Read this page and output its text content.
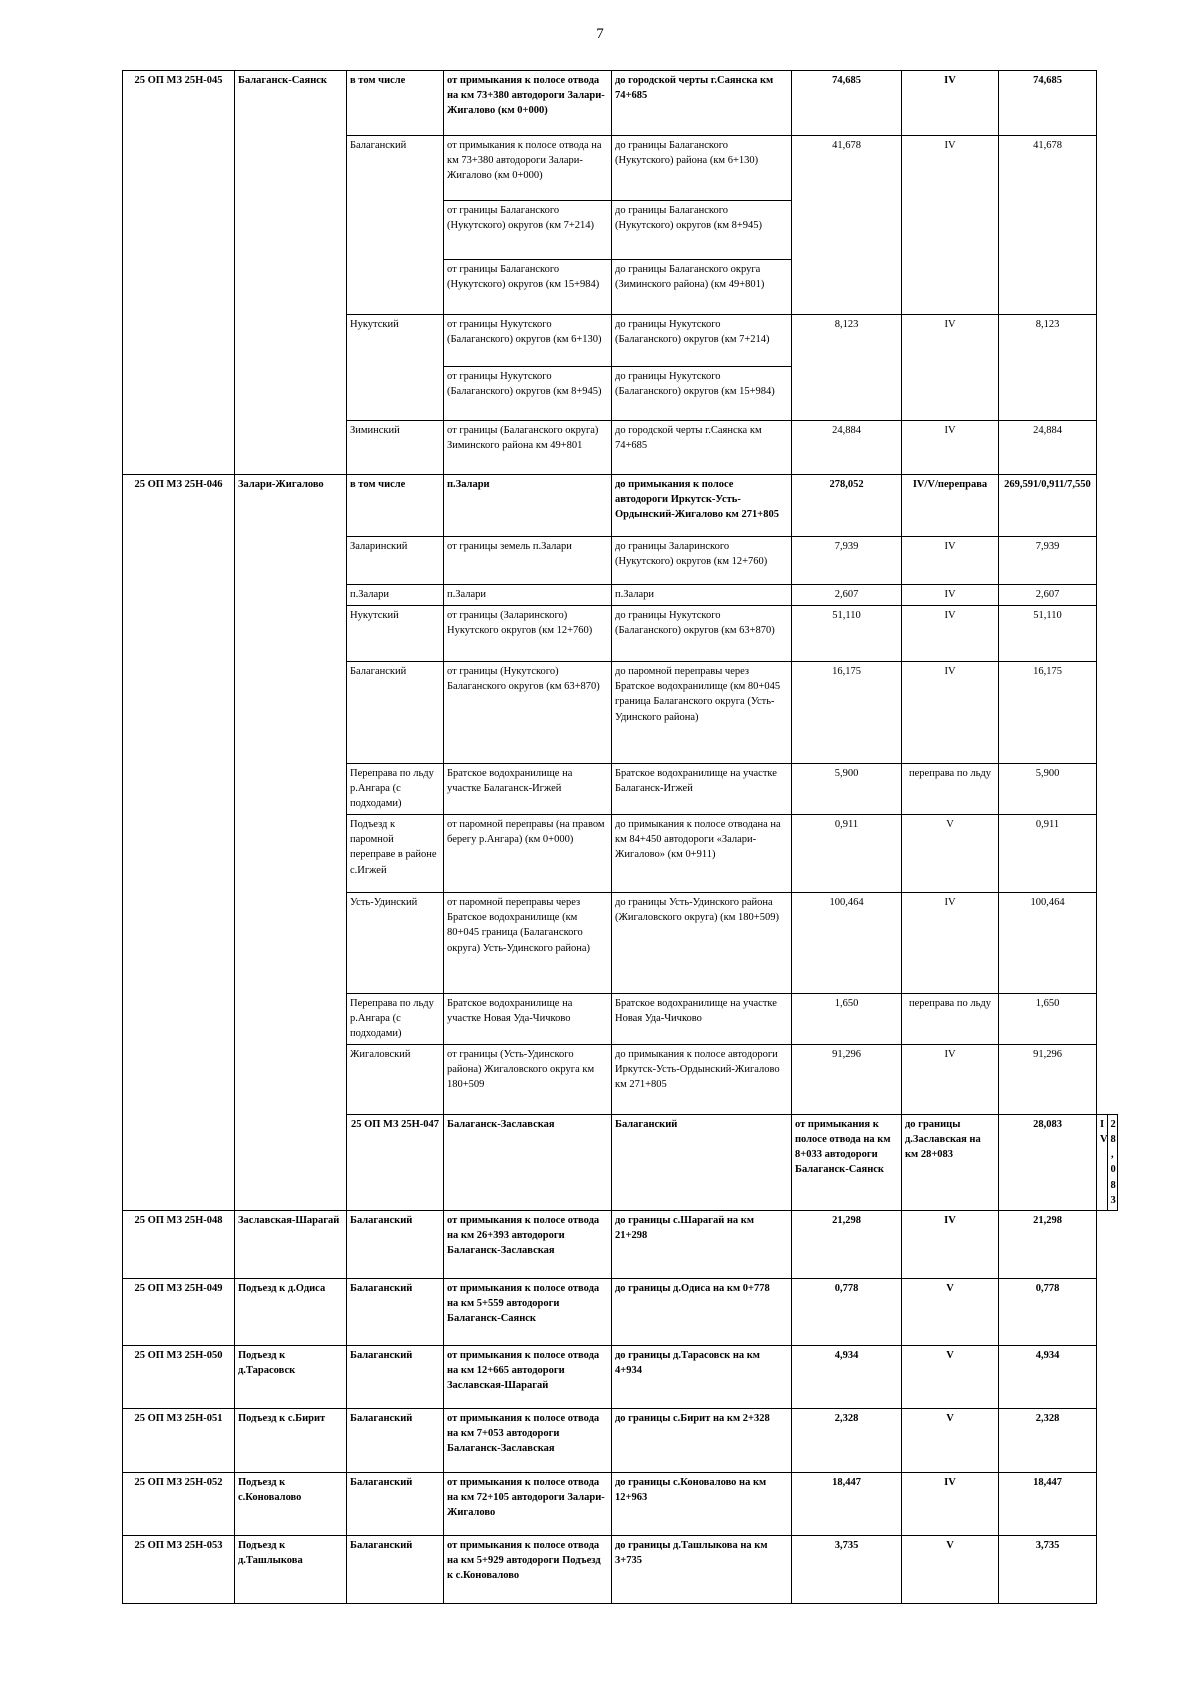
7
25 ОП МЗ 25Н-045	Балаганск-Саянск	в том числе	от примыкания к полосе отвода на км 73+380 автодороги Залари-Жигалово (км 0+000)	до городской черты г.Саянска км 74+685	74,685	IV	74,685		
		Балаганский	от примыкания к полосе отвода на км 73+380 автодороги Залари-Жигалово (км 0+000)	до границы Балаганского (Нукутского) района (км 6+130)	41,678	IV	41,678		
			от границы Балаганского (Нукутского) округов (км 7+214)	до границы Балаганского (Нукутского) округов (км 8+945)					
			от границы Балаганского (Нукутского) округов (км 15+984)	до границы Балаганского округа (Зиминского района) (км 49+801)					
		Нукутский	от границы Нукутского (Балаганского) округов (км 6+130)	до границы Нукутского (Балаганского) округов (км 7+214)	8,123	IV	8,123		
			от границы Нукутского (Балаганского) округов (км 8+945)	до границы Нукутского (Балаганского) округов (км 15+984)					
		Зиминский	от границы (Балаганского округа) Зиминского района км 49+801	до городской черты г.Саянска км 74+685	24,884	IV	24,884		
25 ОП МЗ 25Н-046	Залари-Жигалово	в том числе	п.Залари	до примыкания к полосе автодороги Иркутск-Усть-Ордынский-Жигалово км 271+805	278,052	IV/V/переправа	269,591/0,911/7,550		
		Заларинский	от границы земель п.Залари	до границы Заларинского (Нукутского) округов (км 12+760)	7,939	IV	7,939		
		п.Залари	п.Залари	п.Залари	2,607	IV	2,607		
		Нукутский	от границы (Заларинского) Нукутского округов (км 12+760)	до границы Нукутского (Балаганского) округов (км 63+870)	51,110	IV	51,110		
		Балаганский	от границы (Нукутского) Балаганского округов (км 63+870)	до паромной переправы через Братское водохранилище (км 80+045 граница Балаганского округа (Усть-Удинского района)	16,175	IV	16,175		
		Переправа по льду р.Ангара (с подходами)	Братское водохранилище на участке Балаганск-Игжей	Братское водохранилище на участке Балаганск-Игжей	5,900	переправа по льду	5,900		
		Подъезд к паромной переправе в районе с.Игжей	от паромной переправы (на правом берегу р.Ангара) (км 0+000)	до примыкания к полосе отводана на км 84+450 автодороги «Залари-Жигалово» (км 0+911)	0,911	V	0,911		
		Усть-Удинский	от паромной переправы через Братское водохранилище (км 80+045 граница (Балаганского округа) Усть-Удинского района)	до границы Усть-Удинского района (Жигаловского округа) (км 180+509)	100,464	IV	100,464		
		Переправа по льду р.Ангара (с подходами)	Братское водохранилище на участке Новая Уда-Чичково	Братское водохранилище на участке Новая Уда-Чичково	1,650	переправа по льду	1,650		
		Жигаловский	от границы (Усть-Удинского района) Жигаловского округа км 180+509	до примыкания к полосе автодороги Иркутск-Усть-Ордынский-Жигалово км 271+805	91,296	IV	91,296		
		25 ОП МЗ 25Н-047	Балаганск-Заславская	Балаганский	от примыкания к полосе отвода на км 8+033 автодороги Балаганск-Саянск	до границы д.Заславская на км 28+083	28,083	IV	28,083
25 ОП МЗ 25Н-048	Заславская-Шарагай	Балаганский	от примыкания к полосе отвода на км 26+393 автодороги Балаганск-Заславская	до границы с.Шарагай на км 21+298	21,298	IV	21,298		
25 ОП МЗ 25Н-049	Подъезд к д.Одиса	Балаганский	от примыкания к полосе отвода на км 5+559 автодороги Балаганск-Саянск	до границы д.Одиса на км 0+778	0,778	V	0,778		
25 ОП МЗ 25Н-050	Подъезд к д.Тарасовск	Балаганский	от примыкания к полосе отвода на км 12+665 автодороги Заславская-Шарагай	до границы д.Тарасовск на км 4+934	4,934	V	4,934		
25 ОП МЗ 25Н-051	Подъезд к с.Бирит	Балаганский	от примыкания к полосе отвода на км 7+053 автодороги Балаганск-Заславская	до границы с.Бирит на км 2+328	2,328	V	2,328		
25 ОП МЗ 25Н-052	Подъезд к с.Коновалово	Балаганский	от примыкания к полосе отвода на км 72+105 автодороги Залари-Жигалово	до границы с.Коновалово на км 12+963	18,447	IV	18,447		
25 ОП МЗ 25Н-053	Подъезд к д.Ташлыкова	Балаганский	от примыкания к полосе отвода на км 5+929 автодороги Подъезд к с.Коновалово	до границы д.Ташлыкова на км 3+735	3,735	V	3,735		
